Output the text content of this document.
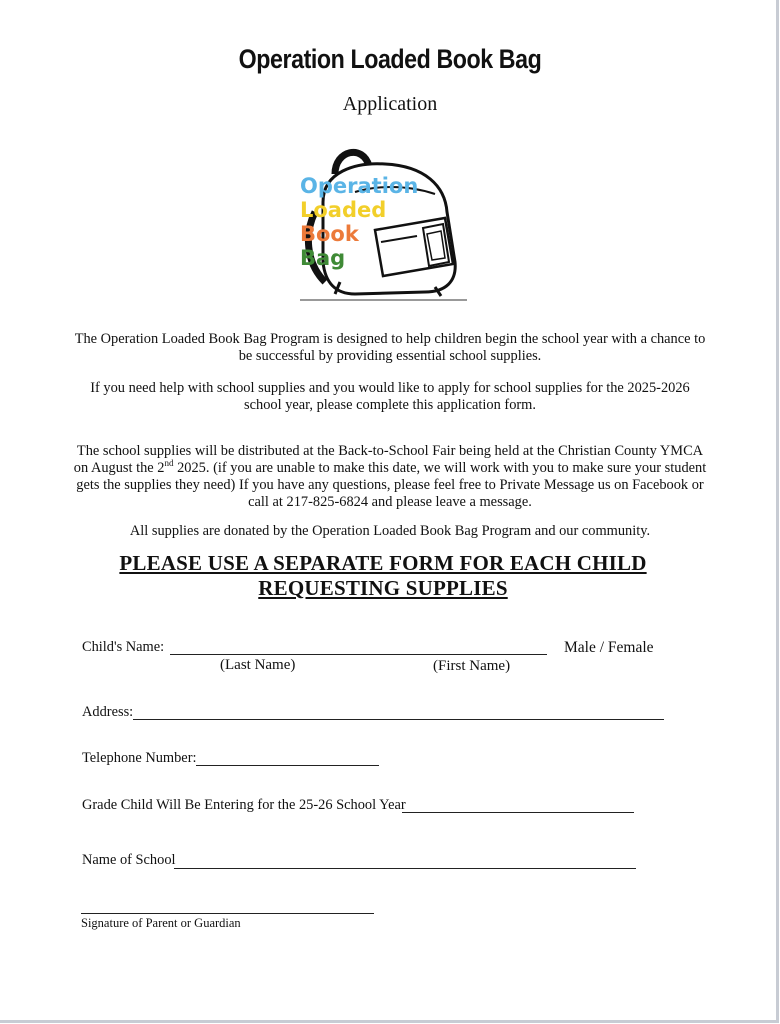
Operation Loaded Book Bag
Application
Operation
Loaded
Book
Bag
The Operation Loaded Book Bag Program is designed to help children begin the school year with a chance to be successful by providing essential school supplies.
If you need help with school supplies and you would like to apply for school supplies for the 2025-2026 school year, please complete this application form.
The school supplies will be distributed at the Back-to-School Fair being held at the Christian County YMCA on August the 2nd 2025. (if you are unable to make this date, we will work with you to make sure your student gets the supplies they need) If you have any questions, please feel free to Private Message us on Facebook or call at 217-825-6824 and please leave a message.
All supplies are donated by the Operation Loaded Book Bag Program and our community.
PLEASE USE A SEPARATE FORM FOR EACH CHILD
REQUESTING SUPPLIES
Child's Name:	Male / Female
(Last Name)	(First Name)
Address:
Telephone Number:
Grade Child Will Be Entering for the 25-26 School Year
Name of School
Signature of Parent or Guardian
